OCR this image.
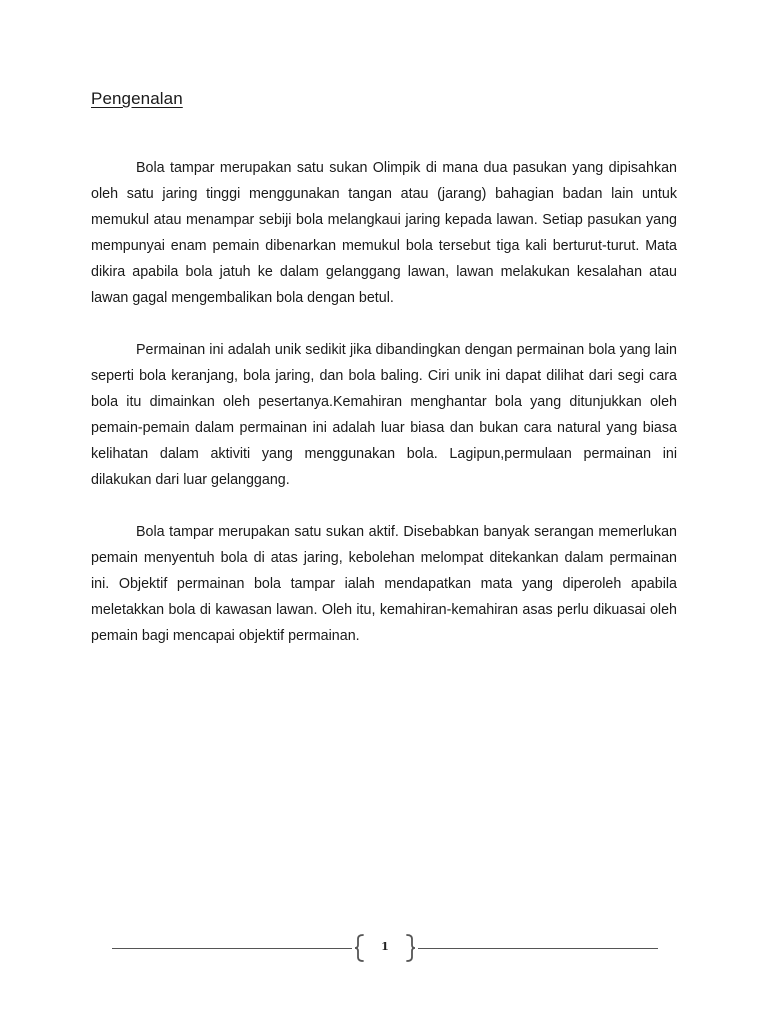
Pengenalan

Bola tampar merupakan satu sukan Olimpik di mana dua pasukan yang dipisahkan oleh satu jaring tinggi menggunakan tangan atau (jarang) bahagian badan lain untuk memukul atau menampar sebiji bola melangkaui jaring kepada lawan. Setiap pasukan yang mempunyai enam pemain dibenarkan memukul bola tersebut tiga kali berturut-turut. Mata dikira apabila bola jatuh ke dalam gelanggang lawan, lawan melakukan kesalahan atau lawan gagal mengembalikan bola dengan betul.

Permainan ini adalah unik sedikit jika dibandingkan dengan permainan bola yang lain seperti bola keranjang, bola jaring, dan bola baling. Ciri unik ini dapat dilihat dari segi cara bola itu dimainkan oleh pesertanya.Kemahiran menghantar bola yang ditunjukkan oleh pemain-pemain dalam permainan ini adalah luar biasa dan bukan cara natural yang biasa kelihatan dalam aktiviti yang menggunakan bola. Lagipun,permulaan permainan ini dilakukan dari luar gelanggang.

Bola tampar merupakan satu sukan aktif. Disebabkan banyak serangan memerlukan pemain menyentuh bola di atas jaring, kebolehan melompat ditekankan dalam permainan ini. Objektif permainan bola tampar ialah mendapatkan mata yang diperoleh apabila meletakkan bola di kawasan lawan. Oleh itu, kemahiran-kemahiran asas perlu dikuasai oleh pemain bagi mencapai objektif permainan.

1
